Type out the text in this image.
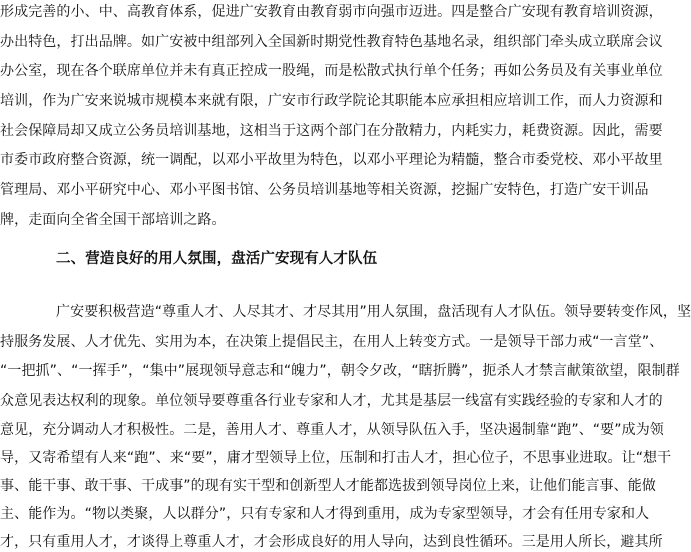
形成完善的小、中、高教育体系，促进广安教育由教育弱市向强市迈进。四是整合广安现有教育培训资源，
办出特色，打出品牌。如广安被中组部列入全国新时期党性教育特色基地名录，组织部门牵头成立联席会议
办公室，现在各个联席单位并未有真正控成一股绳，而是松散式执行单个任务；再如公务员及有关事业单位
培训，作为广安来说城市规模本来就有限，广安市行政学院论其职能本应承担相应培训工作，而人力资源和
社会保障局却又成立公务员培训基地，这相当于这两个部门在分散精力，内耗实力，耗费资源。因此，需要
市委市政府整合资源，统一调配，以邓小平故里为特色，以邓小平理论为精髓，整合市委党校、邓小平故里
管理局、邓小平研究中心、邓小平图书馆、公务员培训基地等相关资源，挖掘广安特色，打造广安干训品
牌，走面向全省全国干部培训之路。
二、营造良好的用人氛围，盘活广安现有人才队伍
广安要积极营造“尊重人才、人尽其才、才尽其用”用人氛围，盘活现有人才队伍。领导要转变作风，坚
持服务发展、人才优先、实用为本，在决策上提倡民主，在用人上转变方式。一是领导干部力戒“一言堂”、
“一把抓”、“一挥手”，“集中”展现领导意志和“魄力”，朝令夕改，“瞎折腾”，扼杀人才禁言献策欲望，限制群
众意见表达权利的现象。单位领导要尊重各行业专家和人才，尤其是基层一线富有实践经验的专家和人才的
意见，充分调动人才积极性。二是，善用人才、尊重人才，从领导队伍入手，坚决遏制靠“跑”、“要”成为领
导，又寄希望有人来“跑”、来“要”，庸才型领导上位，压制和打击人才，担心位子，不思事业进取。让“想干
事、能干事、敢干事、干成事”的现有实干型和创新型人才能都选拔到领导岗位上来，让他们能言事、能做
主、能作为。“物以类聚，人以群分”，只有专家和人才得到重用，成为专家型领导，才会有任用专家和人
才，只有重用人才，才谈得上尊重人才，才会形成良好的用人导向，达到良性循环。三是用人所长，避其所
